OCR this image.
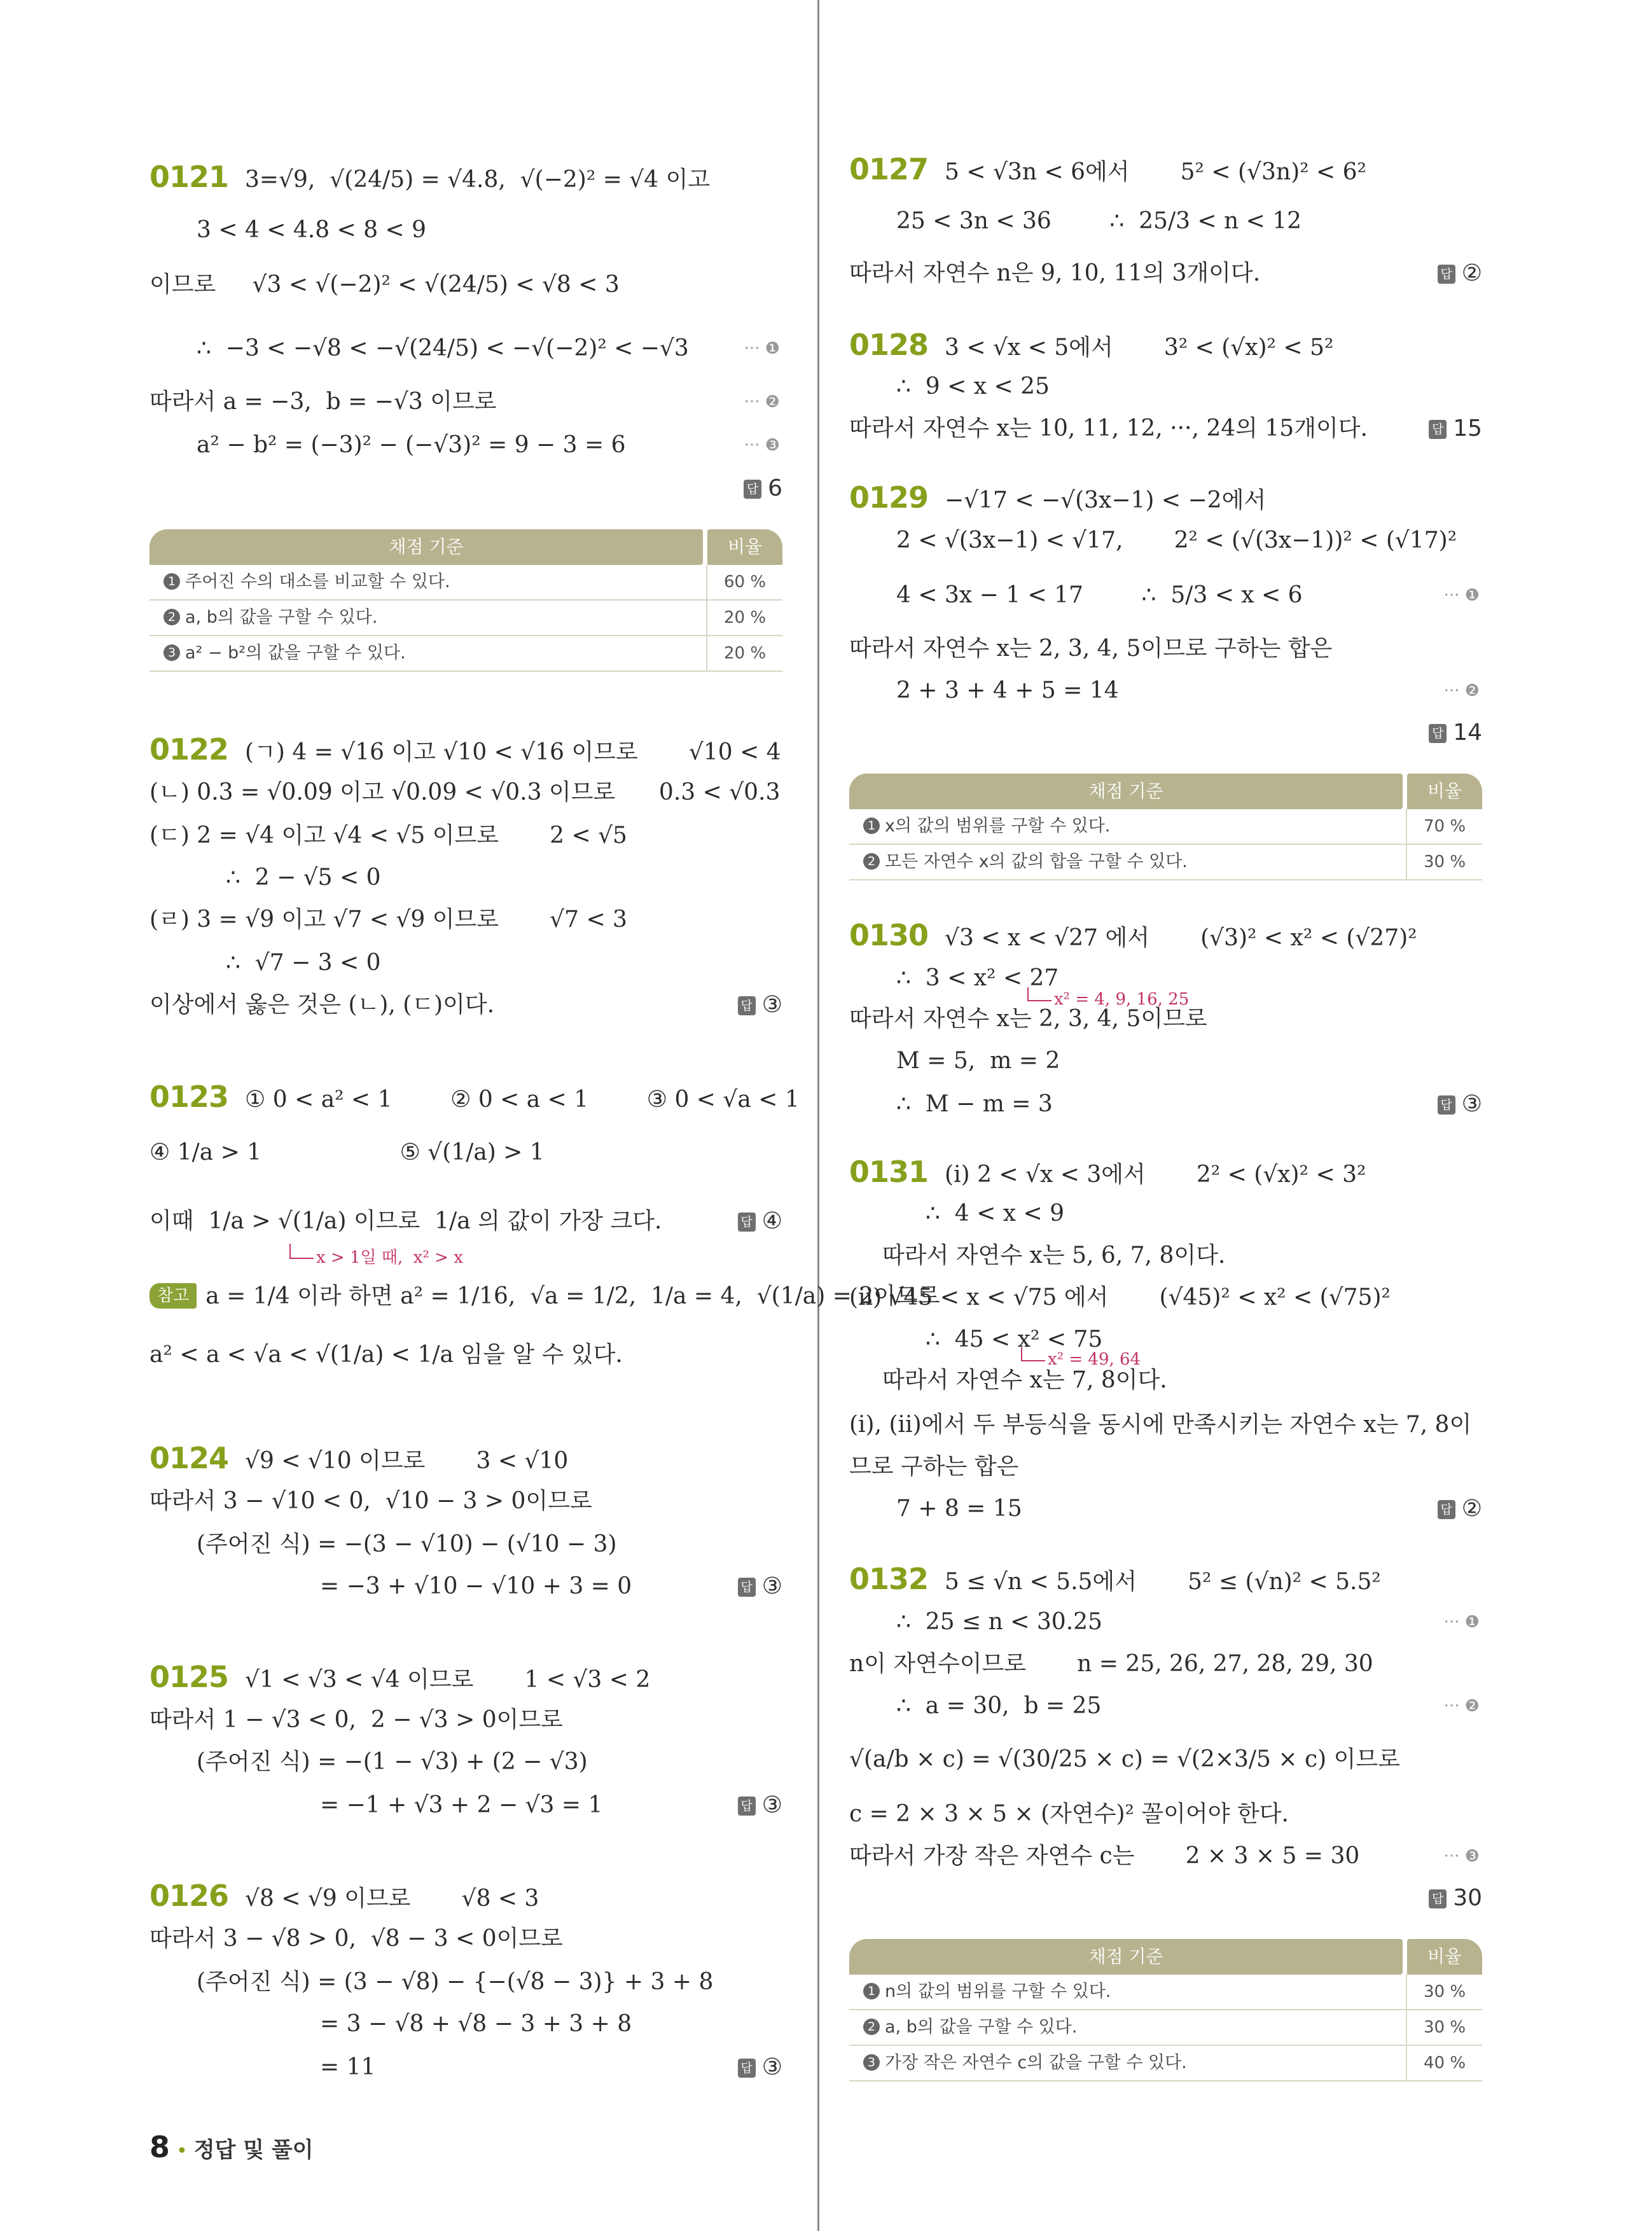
0121 3=√9,  √(24/5) = √4.8,  √(−2)² = √4 이고
3 < 4 < 4.8 < 8 < 9
이므로     √3 < √(−2)² < √(24/5) < √8 < 3
∴  −3 < −√8 < −√(24/5) < −√(−2)² < −√3	··· ❶
따라서 a = −3,  b = −√3 이므로	··· ❷
a² − b² = (−3)² − (−√3)² = 9 − 3 = 6	··· ❸
답 6
채점 기준	비율
1 주어진 수의 대소를 비교할 수 있다.	60 %
2 a, b의 값을 구할 수 있다.	20 %
3 a² − b²의 값을 구할 수 있다.	20 %
0122 (ㄱ) 4 = √16 이고 √10 < √16 이므로       √10 < 4
(ㄴ) 0.3 = √0.09 이고 √0.09 < √0.3 이므로      0.3 < √0.3
(ㄷ) 2 = √4 이고 √4 < √5 이므로       2 < √5
∴  2 − √5 < 0
(ㄹ) 3 = √9 이고 √7 < √9 이므로       √7 < 3
∴  √7 − 3 < 0
이상에서 옳은 것은 (ㄴ), (ㄷ)이다.	답 ③
0123 ① 0 < a² < 1        ② 0 < a < 1        ③ 0 < √a < 1
④ 1/a > 1                   ⑤ √(1/a) > 1
이때  1/a > √(1/a) 이므로  1/a 의 값이 가장 크다.	답 ④
x > 1일 때,  x² > x
참고 a = 1/4 이라 하면 a² = 1/16,  √a = 1/2,  1/a = 4,  √(1/a) = 2이므로
a² < a < √a < √(1/a) < 1/a 임을 알 수 있다.
0124 √9 < √10 이므로       3 < √10
따라서 3 − √10 < 0,  √10 − 3 > 0이므로
(주어진 식) = −(3 − √10) − (√10 − 3)
= −3 + √10 − √10 + 3 = 0	답 ③
0125 √1 < √3 < √4 이므로       1 < √3 < 2
따라서 1 − √3 < 0,  2 − √3 > 0이므로
(주어진 식) = −(1 − √3) + (2 − √3)
= −1 + √3 + 2 − √3 = 1	답 ③
0126 √8 < √9 이므로       √8 < 3
따라서 3 − √8 > 0,  √8 − 3 < 0이므로
(주어진 식) = (3 − √8) − {−(√8 − 3)} + 3 + 8
= 3 − √8 + √8 − 3 + 3 + 8
= 11	답 ③
0127 5 < √3n < 6에서       5² < (√3n)² < 6²
25 < 3n < 36        ∴  25/3 < n < 12
따라서 자연수 n은 9, 10, 11의 3개이다.	답 ②
0128 3 < √x < 5에서       3² < (√x)² < 5²
∴  9 < x < 25
따라서 자연수 x는 10, 11, 12, ···, 24의 15개이다.	답 15
0129 −√17 < −√(3x−1) < −2에서
2 < √(3x−1) < √17,       2² < (√(3x−1))² < (√17)²
4 < 3x − 1 < 17        ∴  5/3 < x < 6	··· ❶
따라서 자연수 x는 2, 3, 4, 5이므로 구하는 합은
2 + 3 + 4 + 5 = 14	··· ❷
답 14
채점 기준	비율
1 x의 값의 범위를 구할 수 있다.	70 %
2 모든 자연수 x의 값의 합을 구할 수 있다.	30 %
0130 √3 < x < √27 에서       (√3)² < x² < (√27)²
∴  3 < x² < 27
x² = 4, 9, 16, 25
따라서 자연수 x는 2, 3, 4, 5이므로
M = 5,  m = 2
∴  M − m = 3	답 ③
0131 (ⅰ) 2 < √x < 3에서       2² < (√x)² < 3²
∴  4 < x < 9
따라서 자연수 x는 5, 6, 7, 8이다.
(ⅱ) √45 < x < √75 에서       (√45)² < x² < (√75)²
∴  45 < x² < 75
x² = 49, 64
따라서 자연수 x는 7, 8이다.
(ⅰ), (ⅱ)에서 두 부등식을 동시에 만족시키는 자연수 x는 7, 8이
므로 구하는 합은
7 + 8 = 15	답 ②
0132 5 ≤ √n < 5.5에서       5² ≤ (√n)² < 5.5²
∴  25 ≤ n < 30.25	··· ❶
n이 자연수이므로       n = 25, 26, 27, 28, 29, 30
∴  a = 30,  b = 25	··· ❷
√(a/b × c) = √(30/25 × c) = √(2×3/5 × c) 이므로
c = 2 × 3 × 5 × (자연수)² 꼴이어야 한다.
따라서 가장 작은 자연수 c는       2 × 3 × 5 = 30	··· ❸
답 30
채점 기준	비율
1 n의 값의 범위를 구할 수 있다.	30 %
2 a, b의 값을 구할 수 있다.	30 %
3 가장 작은 자연수 c의 값을 구할 수 있다.	40 %
8 • 정답 및 풀이
